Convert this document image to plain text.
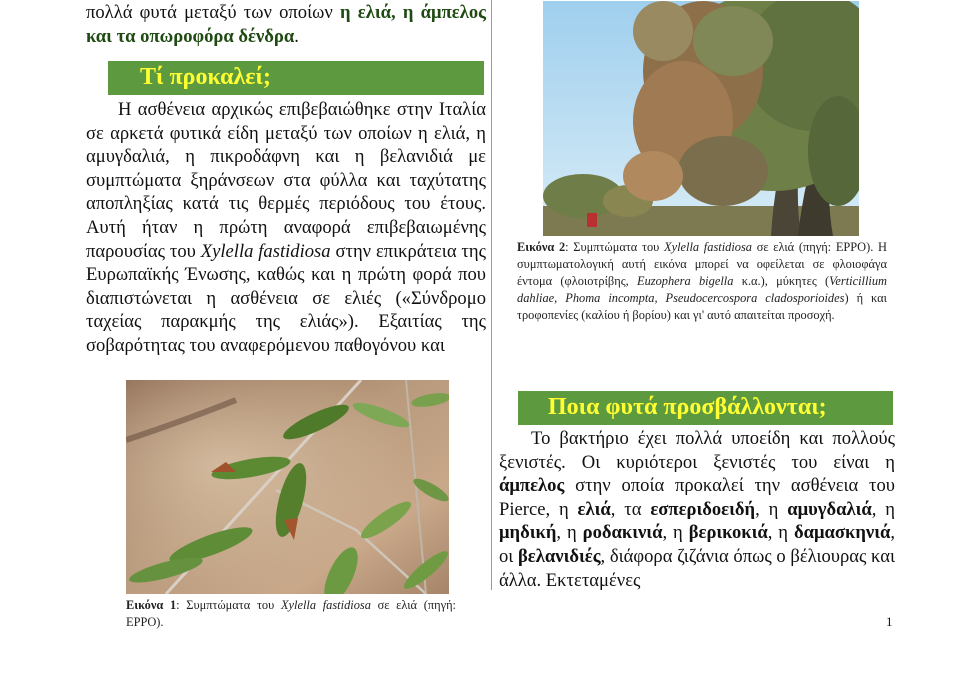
πολλά φυτά μεταξύ των οποίων η ελιά, η άμπελος και τα οπωροφόρα δένδρα.

Τί προκαλεί;

Η ασθένεια αρχικώς επιβεβαιώθηκε στην Ιταλία σε αρκετά φυτικά είδη μεταξύ των οποίων η ελιά, η αμυγδαλιά, η πικροδάφνη και η βελανιδιά με συμπτώματα ξηράνσεων στα φύλλα και ταχύτατης αποπληξίας κατά τις θερμές περιόδους του έτους. Αυτή ήταν η πρώτη αναφορά επιβεβαιωμένης παρουσίας του Xylella fastidiosa στην επικράτεια της Ευρωπαϊκής Ένωσης, καθώς και η πρώτη φορά που διαπιστώνεται η ασθένεια σε ελιές («Σύνδρομο ταχείας παρακμής της ελιάς»). Εξαιτίας της σοβαρότητας του αναφερόμενου παθογόνου και

Εικόνα 1: Συμπτώματα του Xylella fastidiosa σε ελιά (πηγή: EPPO).

Εικόνα 2: Συμπτώματα του Xylella fastidiosa σε ελιά (πηγή: EPPO). Η συμπτωματολογική αυτή εικόνα μπορεί να οφείλεται σε φλοιοφάγα έντομα (φλοιοτρίβης, Euzophera bigella κ.α.), μύκητες (Verticillium dahliae, Phoma incompta, Pseudocercospora cladosporioides) ή και τροφοπενίες (καλίου ή βορίου) και γι' αυτό απαιτείται προσοχή.

Ποια φυτά προσβάλλονται;

Το βακτήριο έχει πολλά υποείδη και πολλούς ξενιστές. Οι κυριότεροι ξενιστές του είναι η άμπελος στην οποία προκαλεί την ασθένεια του Pierce, η ελιά, τα εσπεριδοειδή, η αμυγδαλιά, η μηδική, η ροδακινιά, η βερικοκιά, η δαμασκηνιά, οι βελανιδιές, διάφορα ζιζάνια όπως ο βέλιουρας και άλλα. Εκτεταμένες

1
